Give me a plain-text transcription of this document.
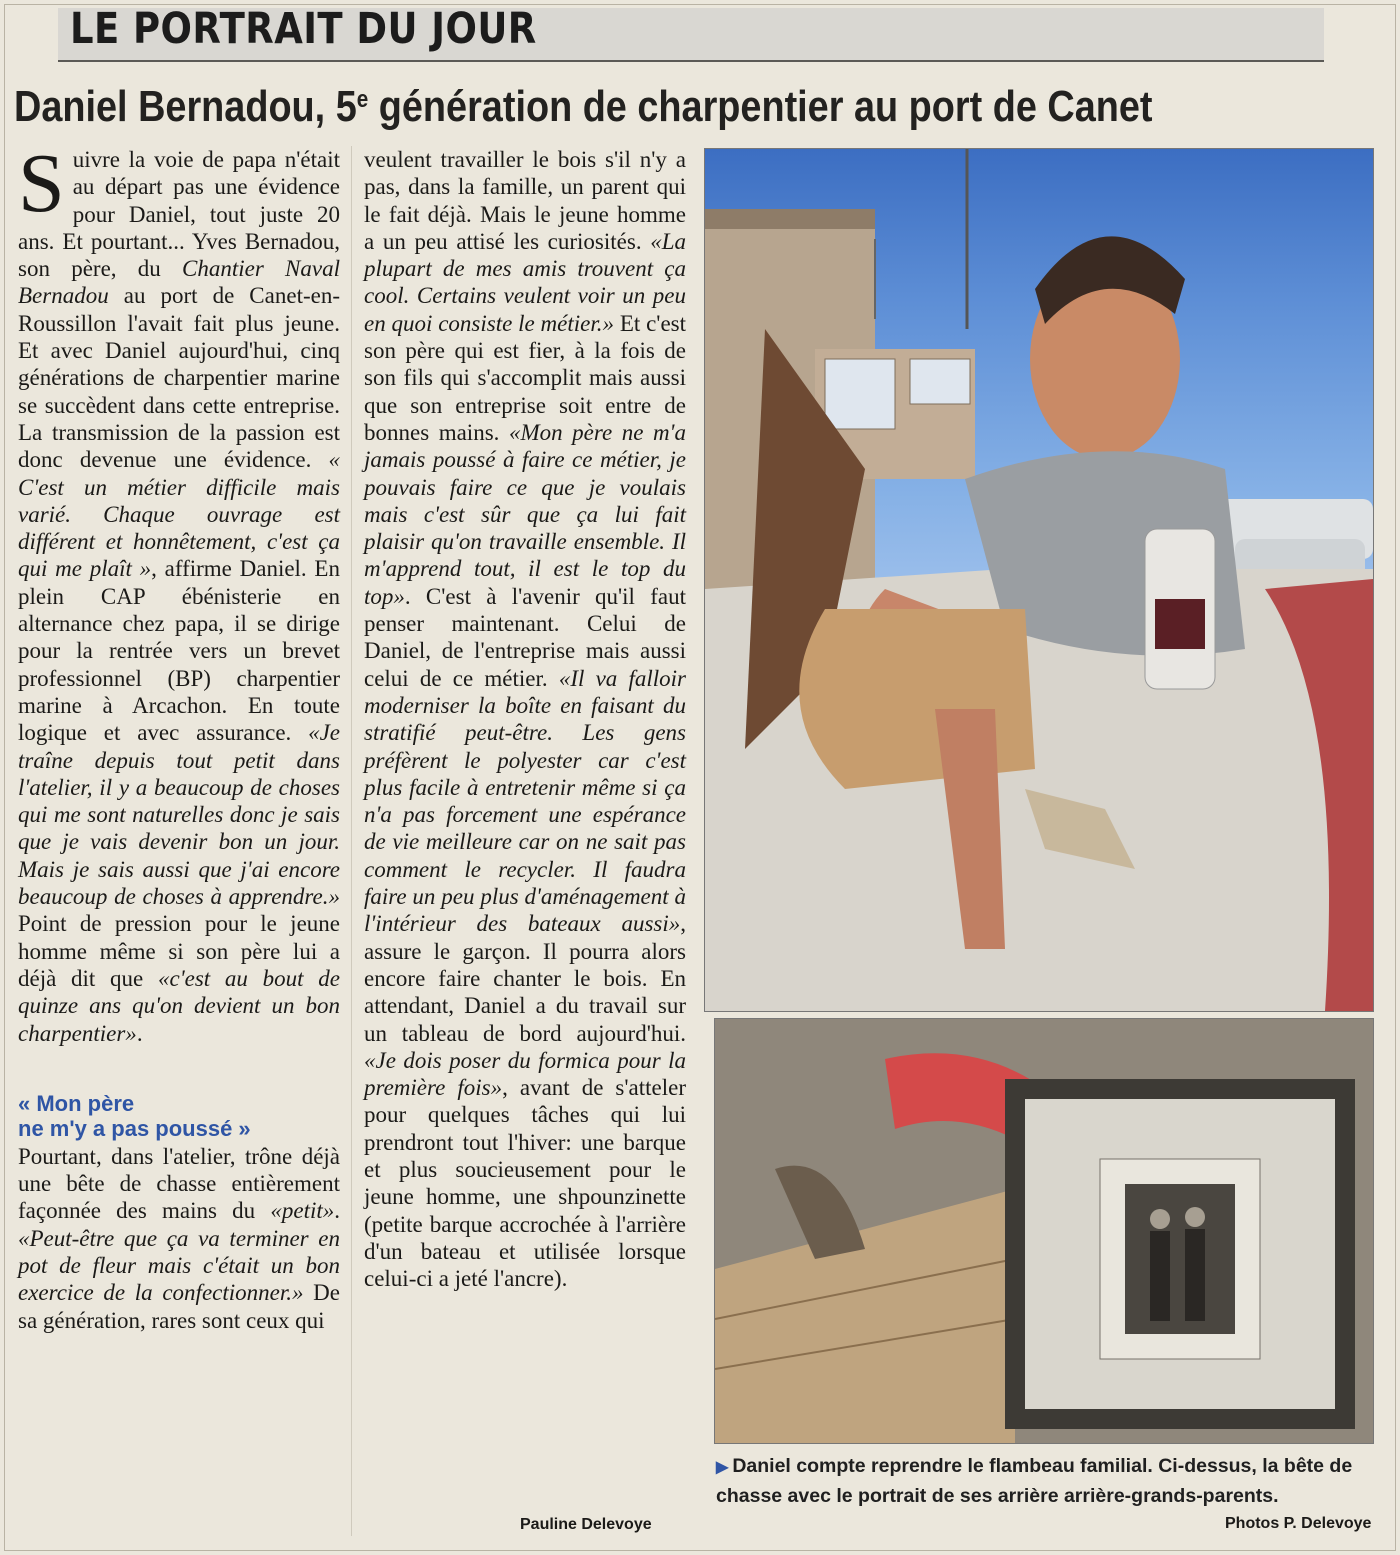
LE PORTRAIT DU JOUR
Daniel Bernadou, 5e génération de charpentier au port de Canet

Suivre la voie de papa n'était au départ pas une évidence pour Daniel, tout juste 20 ans. Et pourtant... Yves Bernadou, son père, du Chantier Naval Bernadou au port de Canet-en-Roussillon l'avait fait plus jeune. Et avec Daniel aujourd'hui, cinq générations de charpentier marine se succèdent dans cette entreprise. La transmission de la passion est donc devenue une évidence. « C'est un métier difficile mais varié. Chaque ouvrage est différent et honnêtement, c'est ça qui me plaît », affirme Daniel. En plein CAP ébénisterie en alternance chez papa, il se dirige pour la rentrée vers un brevet professionnel (BP) charpentier marine à Arcachon. En toute logique et avec assurance. «Je traîne depuis tout petit dans l'atelier, il y a beaucoup de choses qui me sont naturelles donc je sais que je vais devenir bon un jour. Mais je sais aussi que j'ai encore beaucoup de choses à apprendre.» Point de pression pour le jeune homme même si son père lui a déjà dit que «c'est au bout de quinze ans qu'on devient un bon charpentier».

« Mon père
ne m'y a pas poussé »

Pourtant, dans l'atelier, trône déjà une bête de chasse entièrement façonnée des mains du «petit». «Peut-être que ça va terminer en pot de fleur mais c'était un bon exercice de la confectionner.» De sa génération, rares sont ceux qui

veulent travailler le bois s'il n'y a pas, dans la famille, un parent qui le fait déjà. Mais le jeune homme a un peu attisé les curiosités. «La plupart de mes amis trouvent ça cool. Certains veulent voir un peu en quoi consiste le métier.» Et c'est son père qui est fier, à la fois de son fils qui s'accomplit mais aussi que son entreprise soit entre de bonnes mains. «Mon père ne m'a jamais poussé à faire ce métier, je pouvais faire ce que je voulais mais c'est sûr que ça lui fait plaisir qu'on travaille ensemble. Il m'apprend tout, il est le top du top». C'est à l'avenir qu'il faut penser maintenant. Celui de Daniel, de l'entreprise mais aussi celui de ce métier. «Il va falloir moderniser la boîte en faisant du stratifié peut-être. Les gens préfèrent le polyester car c'est plus facile à entretenir même si ça n'a pas forcement une espérance de vie meilleure car on ne sait pas comment le recycler. Il faudra faire un peu plus d'aménagement à l'intérieur des bateaux aussi», assure le garçon. Il pourra alors encore faire chanter le bois. En attendant, Daniel a du travail sur un tableau de bord aujourd'hui. «Je dois poser du formica pour la première fois», avant de s'atteler pour quelques tâches qui lui prendront tout l'hiver: une barque et plus soucieusement pour le jeune homme, une shpounzinette (petite barque accrochée à l'arrière d'un bateau et utilisée lorsque celui-ci a jeté l'ancre).

Pauline Delevoye
▶ Daniel compte reprendre le flambeau familial. Ci-dessus, la bête de chasse avec le portrait de ses arrière arrière-grands-parents.
Photos P. Delevoye
